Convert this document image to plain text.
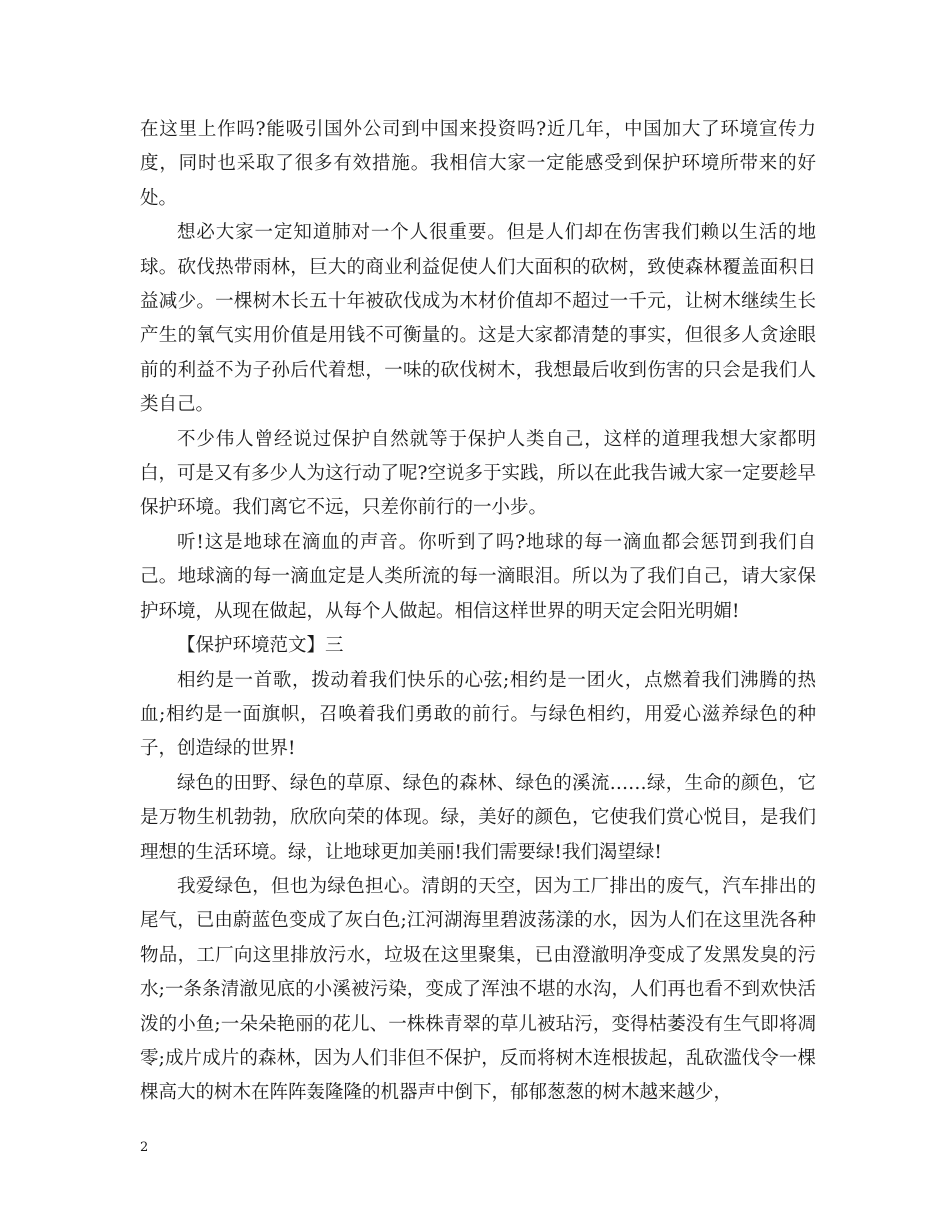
在这里上作吗?能吸引国外公司到中国来投资吗?近几年，中国加大了环境宣传力度，同时也采取了很多有效措施。我相信大家一定能感受到保护环境所带来的好处。

想必大家一定知道肺对一个人很重要。但是人们却在伤害我们赖以生活的地球。砍伐热带雨林，巨大的商业利益促使人们大面积的砍树，致使森林覆盖面积日益减少。一棵树木长五十年被砍伐成为木材价值却不超过一千元，让树木继续生长产生的氧气实用价值是用钱不可衡量的。这是大家都清楚的事实，但很多人贪途眼前的利益不为子孙后代着想，一味的砍伐树木，我想最后收到伤害的只会是我们人类自己。

不少伟人曾经说过保护自然就等于保护人类自己，这样的道理我想大家都明白，可是又有多少人为这行动了呢?空说多于实践，所以在此我告诫大家一定要趁早保护环境。我们离它不远，只差你前行的一小步。

听!这是地球在滴血的声音。你听到了吗?地球的每一滴血都会惩罚到我们自己。地球滴的每一滴血定是人类所流的每一滴眼泪。所以为了我们自己，请大家保护环境，从现在做起，从每个人做起。相信这样世界的明天定会阳光明媚!

【保护环境范文】三

相约是一首歌，拨动着我们快乐的心弦;相约是一团火，点燃着我们沸腾的热血;相约是一面旗帜，召唤着我们勇敢的前行。与绿色相约，用爱心滋养绿色的种子，创造绿的世界!

绿色的田野、绿色的草原、绿色的森林、绿色的溪流……绿，生命的颜色，它是万物生机勃勃，欣欣向荣的体现。绿，美好的颜色，它使我们赏心悦目，是我们理想的生活环境。绿，让地球更加美丽!我们需要绿!我们渴望绿!

我爱绿色，但也为绿色担心。清朗的天空，因为工厂排出的废气，汽车排出的尾气，已由蔚蓝色变成了灰白色;江河湖海里碧波荡漾的水，因为人们在这里洗各种物品，工厂向这里排放污水，垃圾在这里聚集，已由澄澈明净变成了发黑发臭的污水;一条条清澈见底的小溪被污染，变成了浑浊不堪的水沟，人们再也看不到欢快活泼的小鱼;一朵朵艳丽的花儿、一株株青翠的草儿被玷污，变得枯萎没有生气即将凋零;成片成片的森林，因为人们非但不保护，反而将树木连根拔起，乱砍滥伐令一棵棵高大的树木在阵阵轰隆隆的机器声中倒下，郁郁葱葱的树木越来越少，

2
